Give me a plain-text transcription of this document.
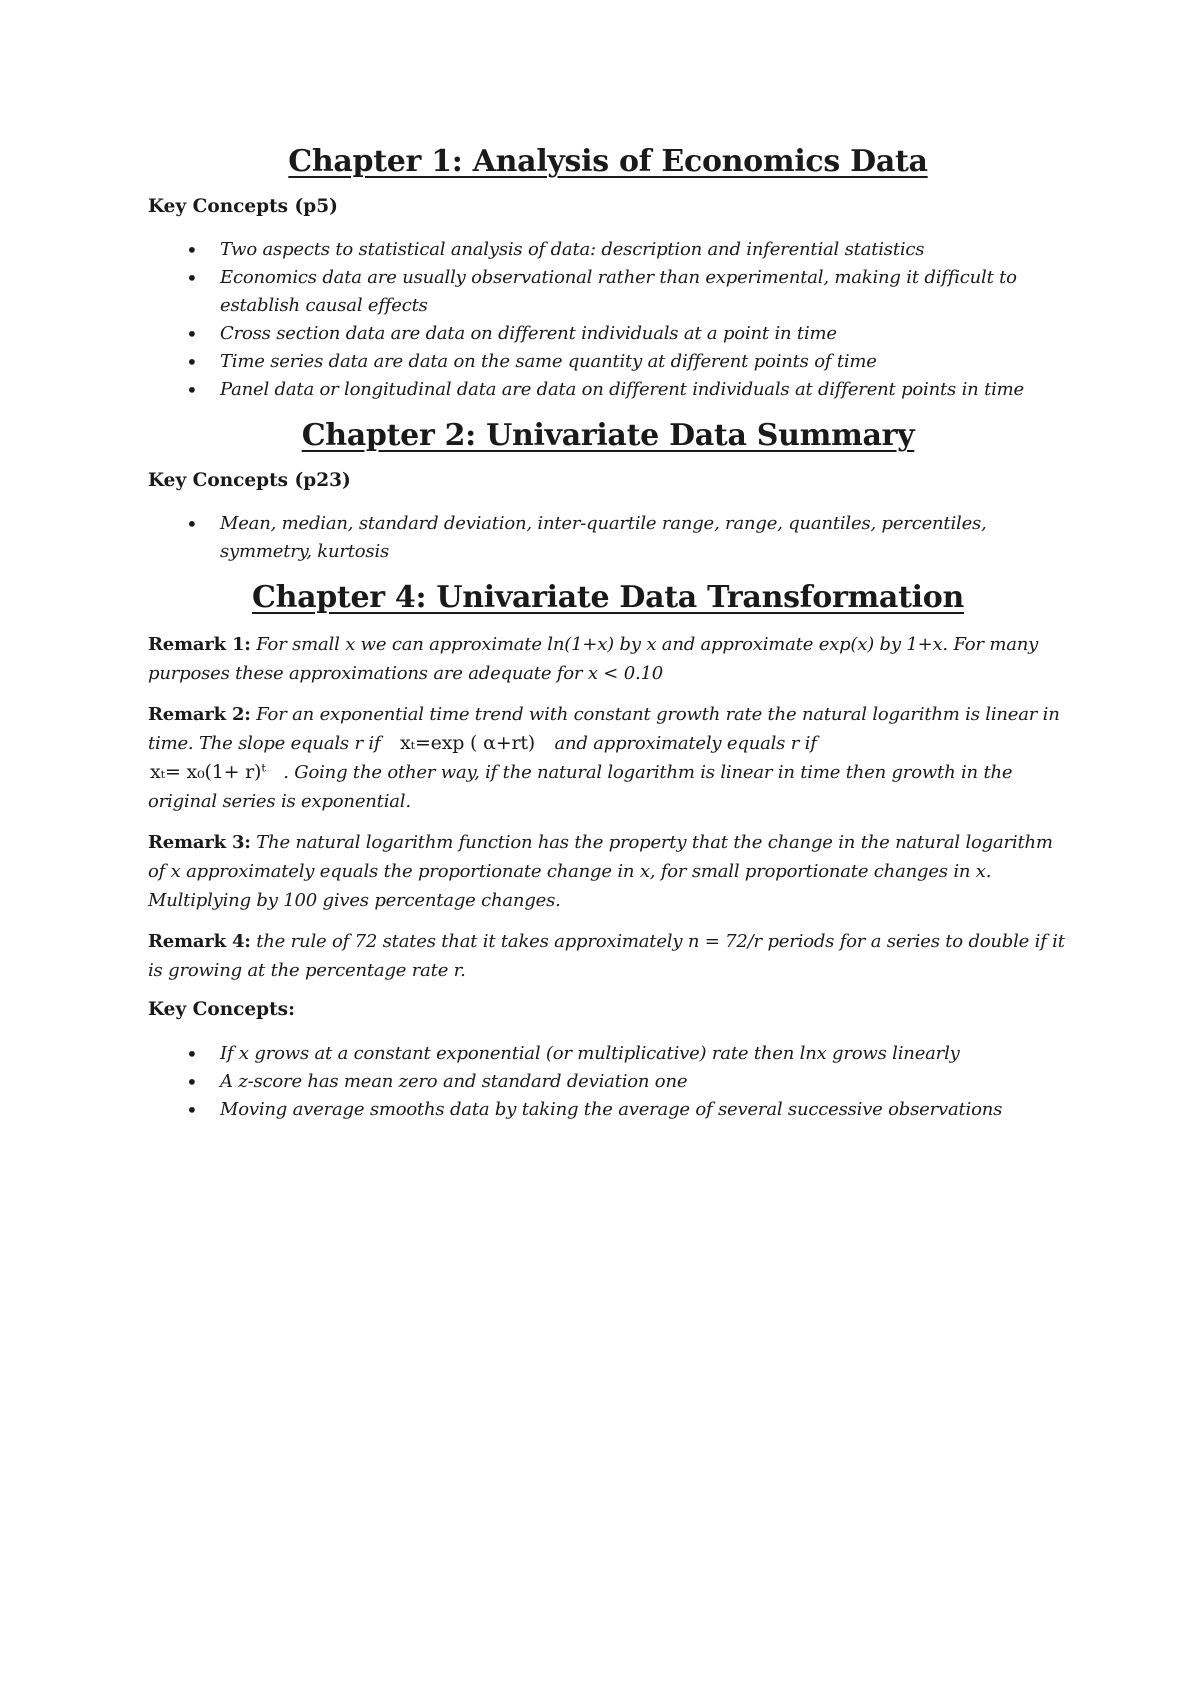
Chapter 1: Analysis of Economics Data
Key Concepts (p5)
• Two aspects to statistical analysis of data: description and inferential statistics
• Economics data are usually observational rather than experimental, making it difficult to establish causal effects
• Cross section data are data on different individuals at a point in time
• Time series data are data on the same quantity at different points of time
• Panel data or longitudinal data are data on different individuals at different points in time
Chapter 2: Univariate Data Summary
Key Concepts (p23)
• Mean, median, standard deviation, inter-quartile range, range, quantiles, percentiles, symmetry, kurtosis
Chapter 4: Univariate Data Transformation

Remark 1: For small x we can approximate ln(1+x) by x and approximate exp(x) by 1+x. For many purposes these approximations are adequate for x < 0.10

Remark 2: For an exponential time trend with constant growth rate the natural logarithm is linear in time. The slope equals r if xₜ=exp ( α+rt) and approximately equals r if
xₜ= x₀(1+ r)ᵗ . Going the other way, if the natural logarithm is linear in time then growth in the original series is exponential.

Remark 3: The natural logarithm function has the property that the change in the natural logarithm of x approximately equals the proportionate change in x, for small proportionate changes in x. Multiplying by 100 gives percentage changes.

Remark 4: the rule of 72 states that it takes approximately n = 72/r periods for a series to double if it is growing at the percentage rate r.

Key Concepts:
• If x grows at a constant exponential (or multiplicative) rate then lnx grows linearly
• A z-score has mean zero and standard deviation one
• Moving average smooths data by taking the average of several successive observations
